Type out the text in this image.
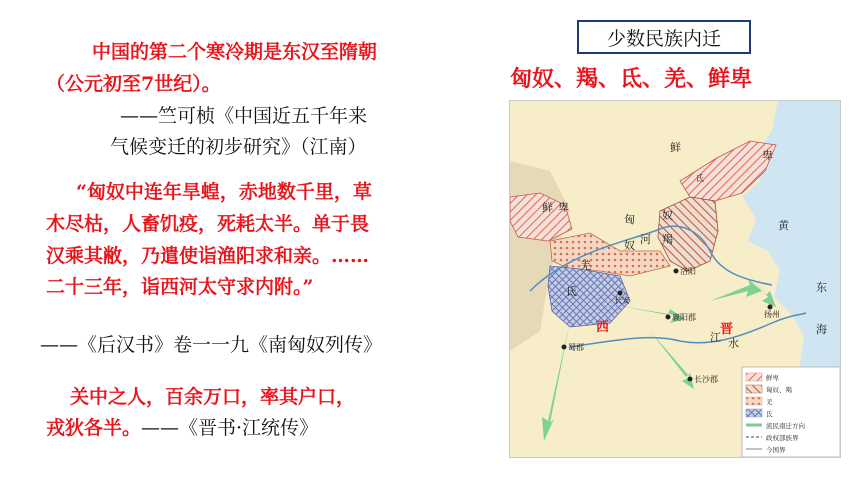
中国的第二个寒冷期是东汉至隋朝
（公元初至7世纪）。
——竺可桢《中国近五千年来
气候变迁的初步研究》（江南）
“匈奴中连年旱蝗，赤地数千里，草
木尽枯，人畜饥疫，死耗太半。单于畏
汉乘其敝，乃遣使诣渔阳求和亲。……
二十三年，诣西河太守求内附。”
——《后汉书》卷一一九《南匈奴列传》
关中之人，百余万口，率其户口，
戎狄各半。——《晋书·江统传》
少数民族内迁
匈奴、羯、氐、羌、鲜卑
鲜
卑
鲜 卑
匈
奴
奴
羯
羌
氐
氐
东
海
黄
河
江 水
西	晋
洛阳
长安
襄阳郡	扬州
蜀郡
长沙郡	鲜卑
匈奴、羯
羌
氐
流民南迁方向
政权部族界
今国界
